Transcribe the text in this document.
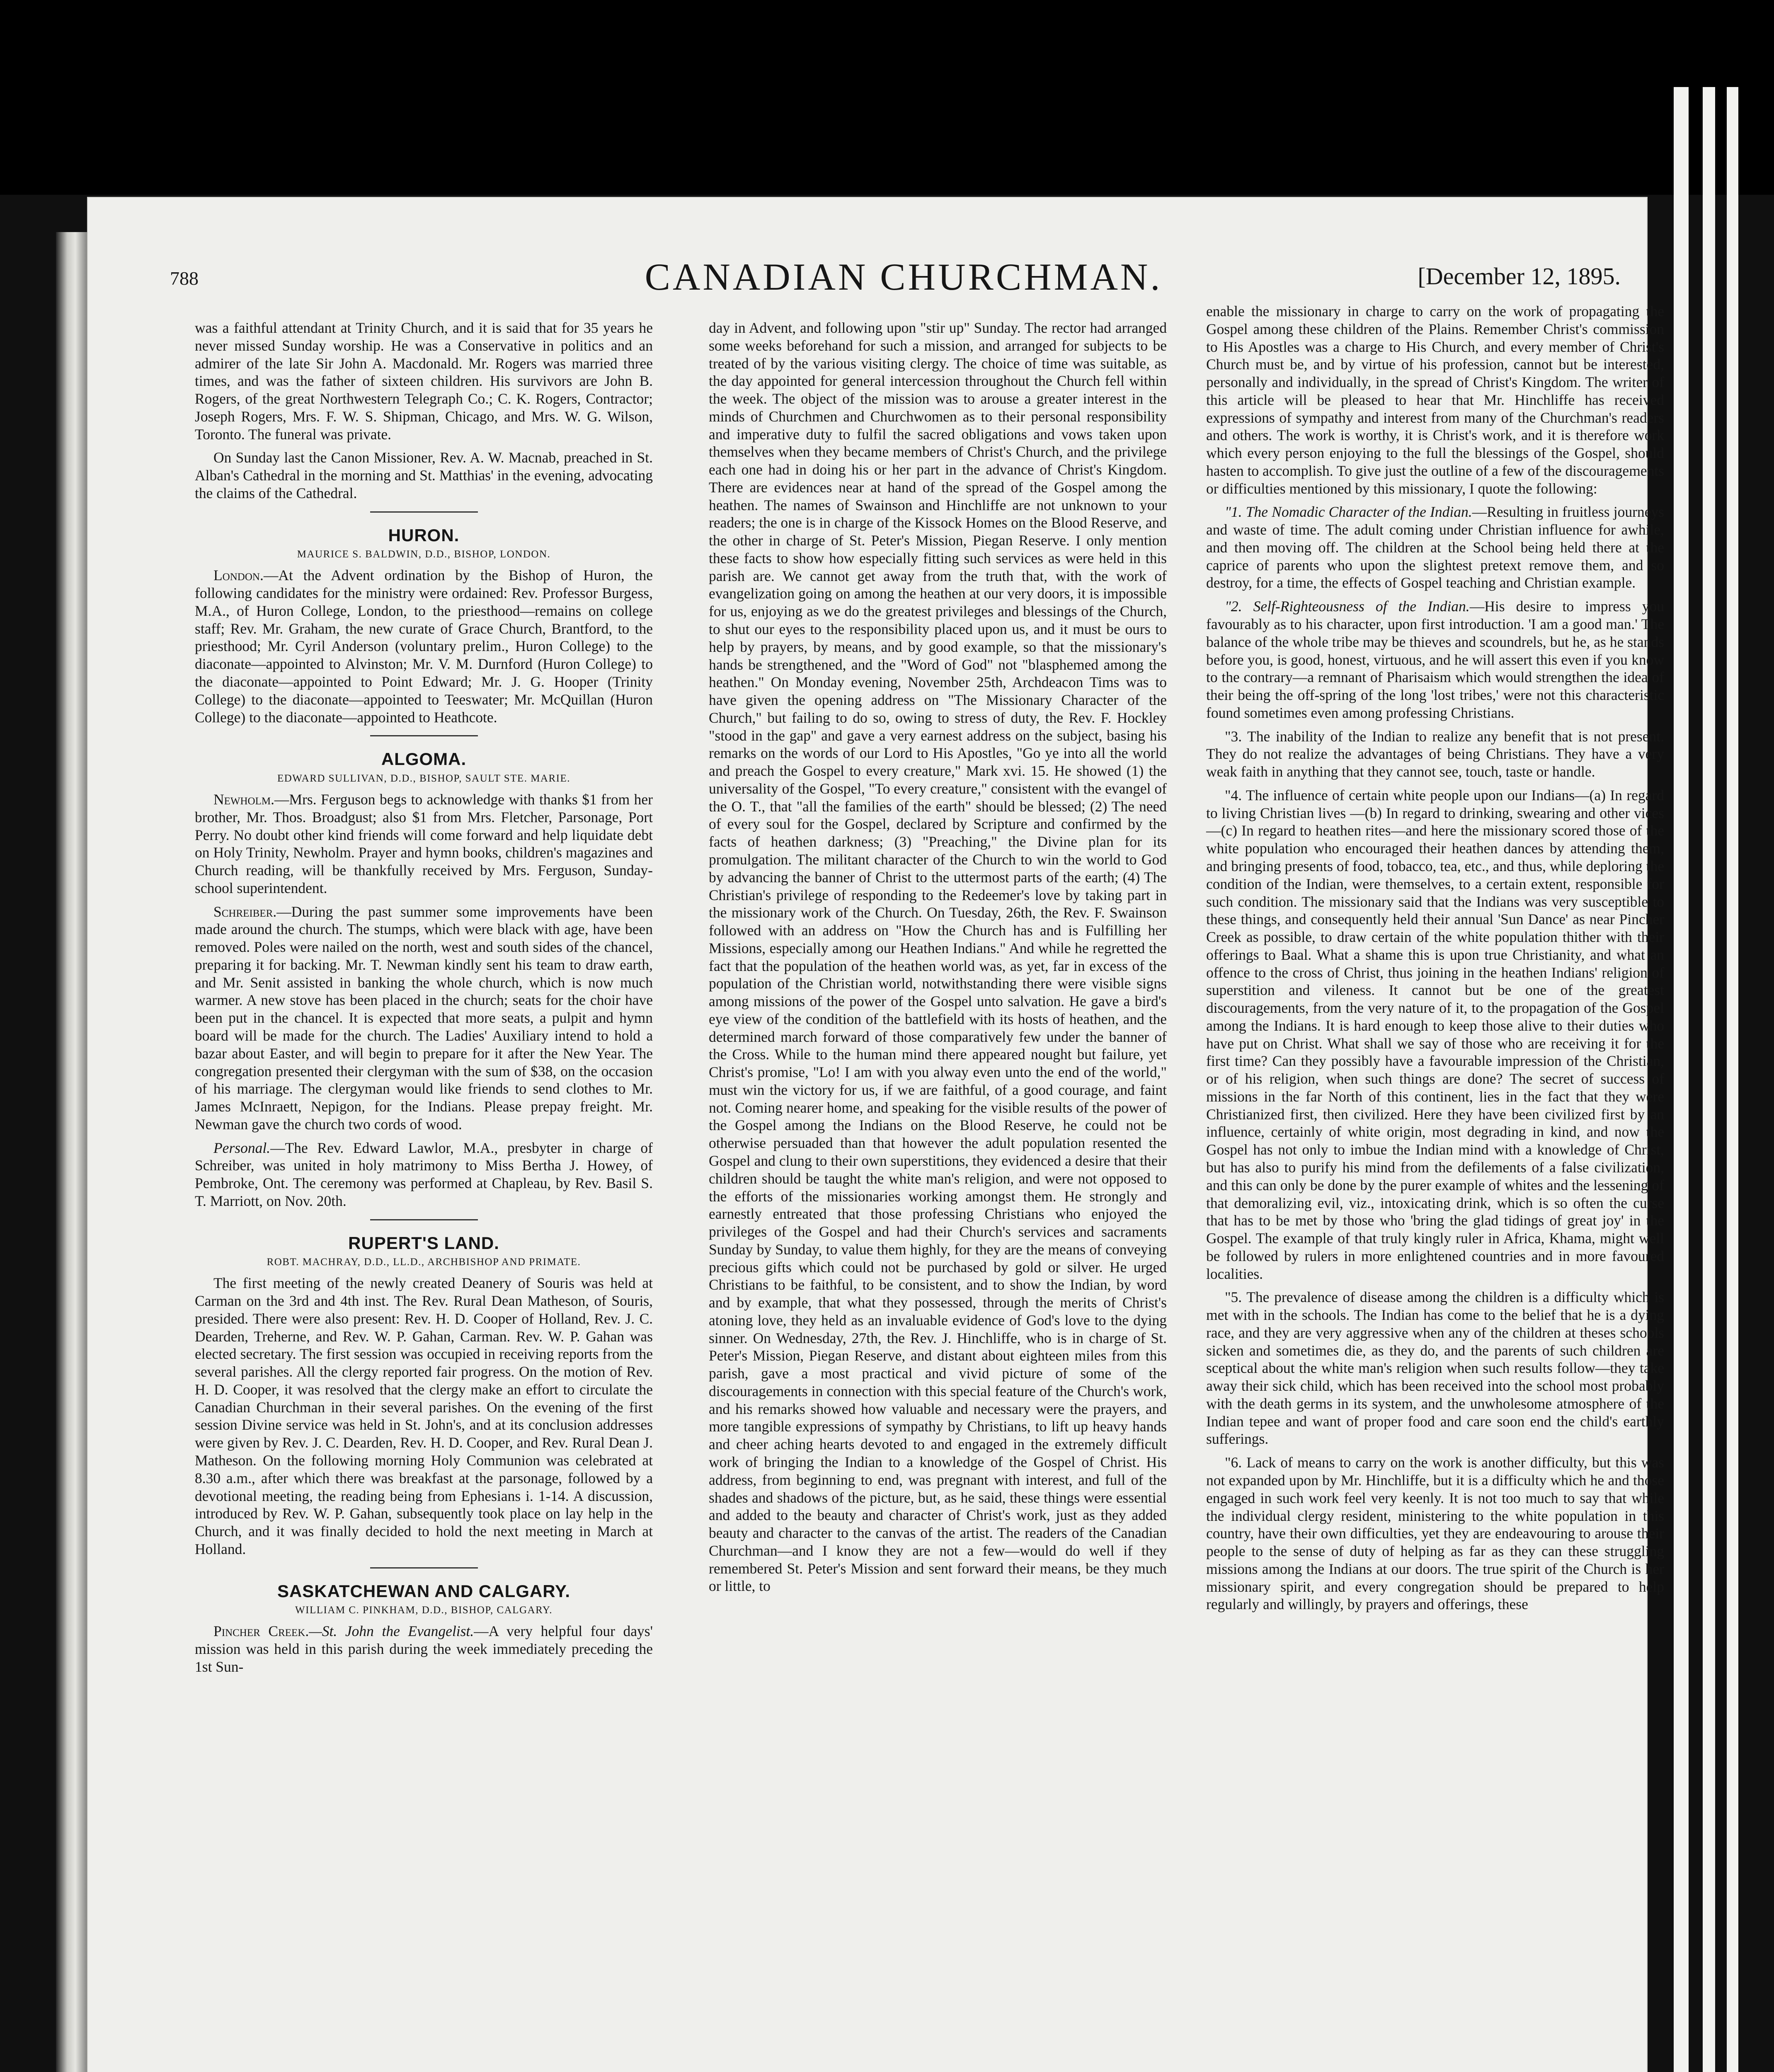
788	CANADIAN CHURCHMAN.	[December 12, 1895.

was a faithful attendant at Trinity Church, and it is said that for 35 years he never missed Sunday worship. He was a Conservative in politics and an admirer of the late Sir John A. Macdonald. Mr. Rogers was married three times, and was the father of sixteen children. His survivors are John B. Rogers, of the great Northwestern Telegraph Co.; C. K. Rogers, Contractor; Joseph Rogers, Mrs. F. W. S. Shipman, Chicago, and Mrs. W. G. Wilson, Toronto. The funeral was private.

On Sunday last the Canon Missioner, Rev. A. W. Macnab, preached in St. Alban's Cathedral in the morning and St. Matthias' in the evening, advocating the claims of the Cathedral.

HURON.
MAURICE S. BALDWIN, D.D., BISHOP, LONDON.

London.—At the Advent ordination by the Bishop of Huron, the following candidates for the ministry were ordained: Rev. Professor Burgess, M.A., of Huron College, London, to the priesthood—remains on college staff; Rev. Mr. Graham, the new curate of Grace Church, Brantford, to the priesthood; Mr. Cyril Anderson (voluntary prelim., Huron College) to the diaconate—appointed to Alvinston; Mr. V. M. Durnford (Huron College) to the diaconate—appointed to Point Edward; Mr. J. G. Hooper (Trinity College) to the diaconate—appointed to Teeswater; Mr. McQuillan (Huron College) to the diaconate—appointed to Heathcote.

ALGOMA.
EDWARD SULLIVAN, D.D., BISHOP, SAULT STE. MARIE.

Newholm.—Mrs. Ferguson begs to acknowledge with thanks $1 from her brother, Mr. Thos. Broadgust; also $1 from Mrs. Fletcher, Parsonage, Port Perry. No doubt other kind friends will come forward and help liquidate debt on Holy Trinity, Newholm. Prayer and hymn books, children's magazines and Church reading, will be thankfully received by Mrs. Ferguson, Sunday-school superintendent.

Schreiber.—During the past summer some improvements have been made around the church. The stumps, which were black with age, have been removed. Poles were nailed on the north, west and south sides of the chancel, preparing it for backing. Mr. T. Newman kindly sent his team to draw earth, and Mr. Senit assisted in banking the whole church, which is now much warmer. A new stove has been placed in the church; seats for the choir have been put in the chancel. It is expected that more seats, a pulpit and hymn board will be made for the church. The Ladies' Auxiliary intend to hold a bazar about Easter, and will begin to prepare for it after the New Year. The congregation presented their clergyman with the sum of $38, on the occasion of his marriage. The clergyman would like friends to send clothes to Mr. James McInraett, Nepigon, for the Indians. Please prepay freight. Mr. Newman gave the church two cords of wood.

Personal.—The Rev. Edward Lawlor, M.A., presbyter in charge of Schreiber, was united in holy matrimony to Miss Bertha J. Howey, of Pembroke, Ont. The ceremony was performed at Chapleau, by Rev. Basil S. T. Marriott, on Nov. 20th.

RUPERT'S LAND.
ROBT. MACHRAY, D.D., LL.D., ARCHBISHOP AND PRIMATE.

The first meeting of the newly created Deanery of Souris was held at Carman on the 3rd and 4th inst. The Rev. Rural Dean Matheson, of Souris, presided. There were also present: Rev. H. D. Cooper of Holland, Rev. J. C. Dearden, Treherne, and Rev. W. P. Gahan, Carman. Rev. W. P. Gahan was elected secretary. The first session was occupied in receiving reports from the several parishes. All the clergy reported fair progress. On the motion of Rev. H. D. Cooper, it was resolved that the clergy make an effort to circulate the Canadian Churchman in their several parishes. On the evening of the first session Divine service was held in St. John's, and at its conclusion addresses were given by Rev. J. C. Dearden, Rev. H. D. Cooper, and Rev. Rural Dean J. Matheson. On the following morning Holy Communion was celebrated at 8.30 a.m., after which there was breakfast at the parsonage, followed by a devotional meeting, the reading being from Ephesians i. 1-14. A discussion, introduced by Rev. W. P. Gahan, subsequently took place on lay help in the Church, and it was finally decided to hold the next meeting in March at Holland.

SASKATCHEWAN AND CALGARY.
WILLIAM C. PINKHAM, D.D., BISHOP, CALGARY.

Pincher Creek.—St. John the Evangelist.—A very helpful four days' mission was held in this parish during the week immediately preceding the 1st Sun-

day in Advent, and following upon "stir up" Sunday. The rector had arranged some weeks beforehand for such a mission, and arranged for subjects to be treated of by the various visiting clergy. The choice of time was suitable, as the day appointed for general intercession throughout the Church fell within the week. The object of the mission was to arouse a greater interest in the minds of Churchmen and Churchwomen as to their personal responsibility and imperative duty to fulfil the sacred obligations and vows taken upon themselves when they became members of Christ's Church, and the privilege each one had in doing his or her part in the advance of Christ's Kingdom. There are evidences near at hand of the spread of the Gospel among the heathen. The names of Swainson and Hinchliffe are not unknown to your readers; the one is in charge of the Kissock Homes on the Blood Reserve, and the other in charge of St. Peter's Mission, Piegan Reserve. I only mention these facts to show how especially fitting such services as were held in this parish are. We cannot get away from the truth that, with the work of evangelization going on among the heathen at our very doors, it is impossible for us, enjoying as we do the greatest privileges and blessings of the Church, to shut our eyes to the responsibility placed upon us, and it must be ours to help by prayers, by means, and by good example, so that the missionary's hands be strengthened, and the "Word of God" not "blasphemed among the heathen." On Monday evening, November 25th, Archdeacon Tims was to have given the opening address on "The Missionary Character of the Church," but failing to do so, owing to stress of duty, the Rev. F. Hockley "stood in the gap" and gave a very earnest address on the subject, basing his remarks on the words of our Lord to His Apostles, "Go ye into all the world and preach the Gospel to every creature," Mark xvi. 15. He showed (1) the universality of the Gospel, "To every creature," consistent with the evangel of the O. T., that "all the families of the earth" should be blessed; (2) The need of every soul for the Gospel, declared by Scripture and confirmed by the facts of heathen darkness; (3) "Preaching," the Divine plan for its promulgation. The militant character of the Church to win the world to God by advancing the banner of Christ to the uttermost parts of the earth; (4) The Christian's privilege of responding to the Redeemer's love by taking part in the missionary work of the Church. On Tuesday, 26th, the Rev. F. Swainson followed with an address on "How the Church has and is Fulfilling her Missions, especially among our Heathen Indians." And while he regretted the fact that the population of the heathen world was, as yet, far in excess of the population of the Christian world, notwithstanding there were visible signs among missions of the power of the Gospel unto salvation. He gave a bird's eye view of the condition of the battlefield with its hosts of heathen, and the determined march forward of those comparatively few under the banner of the Cross. While to the human mind there appeared nought but failure, yet Christ's promise, "Lo! I am with you alway even unto the end of the world," must win the victory for us, if we are faithful, of a good courage, and faint not. Coming nearer home, and speaking for the visible results of the power of the Gospel among the Indians on the Blood Reserve, he could not be otherwise persuaded than that however the adult population resented the Gospel and clung to their own superstitions, they evidenced a desire that their children should be taught the white man's religion, and were not opposed to the efforts of the missionaries working amongst them. He strongly and earnestly entreated that those professing Christians who enjoyed the privileges of the Gospel and had their Church's services and sacraments Sunday by Sunday, to value them highly, for they are the means of conveying precious gifts which could not be purchased by gold or silver. He urged Christians to be faithful, to be consistent, and to show the Indian, by word and by example, that what they possessed, through the merits of Christ's atoning love, they held as an invaluable evidence of God's love to the dying sinner. On Wednesday, 27th, the Rev. J. Hinchliffe, who is in charge of St. Peter's Mission, Piegan Reserve, and distant about eighteen miles from this parish, gave a most practical and vivid picture of some of the discouragements in connection with this special feature of the Church's work, and his remarks showed how valuable and necessary were the prayers, and more tangible expressions of sympathy by Christians, to lift up heavy hands and cheer aching hearts devoted to and engaged in the extremely difficult work of bringing the Indian to a knowledge of the Gospel of Christ. His address, from beginning to end, was pregnant with interest, and full of the shades and shadows of the picture, but, as he said, these things were essential and added to the beauty and character of Christ's work, just as they added beauty and character to the canvas of the artist. The readers of the Canadian Churchman—and I know they are not a few—would do well if they remembered St. Peter's Mission and sent forward their means, be they much or little, to

enable the missionary in charge to carry on the work of propagating the Gospel among these children of the Plains. Remember Christ's commission to His Apostles was a charge to His Church, and every member of Christ's Church must be, and by virtue of his profession, cannot but be interested, personally and individually, in the spread of Christ's Kingdom. The writer of this article will be pleased to hear that Mr. Hinchliffe has received expressions of sympathy and interest from many of the Churchman's readers and others. The work is worthy, it is Christ's work, and it is therefore work which every person enjoying to the full the blessings of the Gospel, should hasten to accomplish. To give just the outline of a few of the discouragements or difficulties mentioned by this missionary, I quote the following:

"1. The Nomadic Character of the Indian.—Resulting in fruitless journeys and waste of time. The adult coming under Christian influence for awhile, and then moving off. The children at the School being held there at the caprice of parents who upon the slightest pretext remove them, and so destroy, for a time, the effects of Gospel teaching and Christian example.

"2. Self-Righteousness of the Indian.—His desire to impress you favourably as to his character, upon first introduction. 'I am a good man.' The balance of the whole tribe may be thieves and scoundrels, but he, as he stands before you, is good, honest, virtuous, and he will assert this even if you know to the contrary—a remnant of Pharisaism which would strengthen the idea of their being the off-spring of the long 'lost tribes,' were not this characteristic found sometimes even among professing Christians.

"3. The inability of the Indian to realize any benefit that is not present. They do not realize the advantages of being Christians. They have a very weak faith in anything that they cannot see, touch, taste or handle.

"4. The influence of certain white people upon our Indians—(a) In regard to living Christian lives —(b) In regard to drinking, swearing and other vices —(c) In regard to heathen rites—and here the missionary scored those of the white population who encouraged their heathen dances by attending them, and bringing presents of food, tobacco, tea, etc., and thus, while deploring the condition of the Indian, were themselves, to a certain extent, responsible for such condition. The missionary said that the Indians was very susceptible to these things, and consequently held their annual 'Sun Dance' as near Pincher Creek as possible, to draw certain of the white population thither with their offerings to Baal. What a shame this is upon true Christianity, and what an offence to the cross of Christ, thus joining in the heathen Indians' religion of superstition and vileness. It cannot but be one of the greatest discouragements, from the very nature of it, to the propagation of the Gospel among the Indians. It is hard enough to keep those alive to their duties who have put on Christ. What shall we say of those who are receiving it for the first time? Can they possibly have a favourable impression of the Christian, or of his religion, when such things are done? The secret of success of missions in the far North of this continent, lies in the fact that they were Christianized first, then civilized. Here they have been civilized first by an influence, certainly of white origin, most degrading in kind, and now the Gospel has not only to imbue the Indian mind with a knowledge of Christ, but has also to purify his mind from the defilements of a false civilization, and this can only be done by the purer example of whites and the lessening of that demoralizing evil, viz., intoxicating drink, which is so often the curse that has to be met by those who 'bring the glad tidings of great joy' in the Gospel. The example of that truly kingly ruler in Africa, Khama, might well be followed by rulers in more enlightened countries and in more favoured localities.

"5. The prevalence of disease among the children is a difficulty which is met with in the schools. The Indian has come to the belief that he is a dying race, and they are very aggressive when any of the children at theses schools sicken and sometimes die, as they do, and the parents of such children are sceptical about the white man's religion when such results follow—they take away their sick child, which has been received into the school most probably with the death germs in its system, and the unwholesome atmosphere of the Indian tepee and want of proper food and care soon end the child's earthly sufferings.

"6. Lack of means to carry on the work is another difficulty, but this was not expanded upon by Mr. Hinchliffe, but it is a difficulty which he and those engaged in such work feel very keenly. It is not too much to say that while the individual clergy resident, ministering to the white population in this country, have their own difficulties, yet they are endeavouring to arouse their people to the sense of duty of helping as far as they can these struggling missions among the Indians at our doors. The true spirit of the Church is her missionary spirit, and every congregation should be prepared to help regularly and willingly, by prayers and offerings, these
